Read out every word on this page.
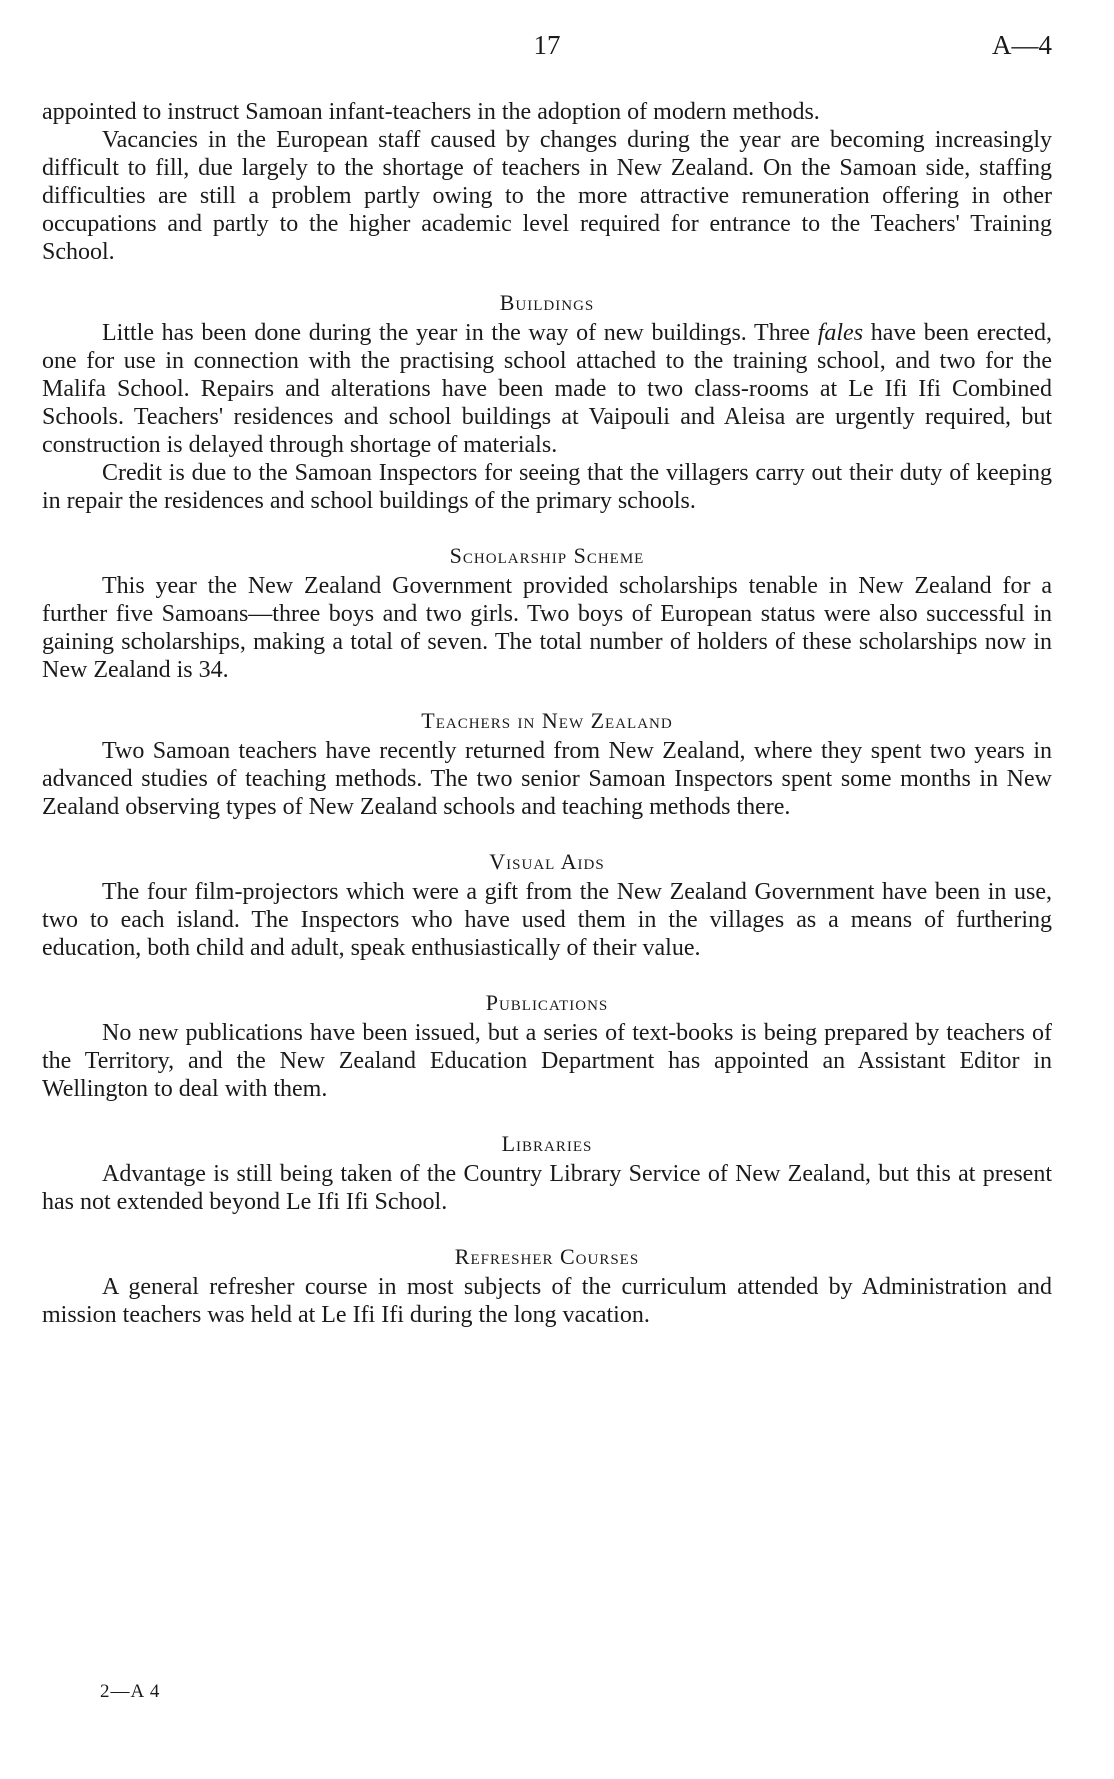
17	A—4

appointed to instruct Samoan infant-teachers in the adoption of modern methods.

Vacancies in the European staff caused by changes during the year are becoming increasingly difficult to fill, due largely to the shortage of teachers in New Zealand. On the Samoan side, staffing difficulties are still a problem partly owing to the more attractive remuneration offering in other occupations and partly to the higher academic level required for entrance to the Teachers' Training School.

Buildings

Little has been done during the year in the way of new buildings. Three fales have been erected, one for use in connection with the practising school attached to the training school, and two for the Malifa School. Repairs and alterations have been made to two class-rooms at Le Ifi Ifi Combined Schools. Teachers' residences and school buildings at Vaipouli and Aleisa are urgently required, but construction is delayed through shortage of materials.

Credit is due to the Samoan Inspectors for seeing that the villagers carry out their duty of keeping in repair the residences and school buildings of the primary schools.

Scholarship Scheme

This year the New Zealand Government provided scholarships tenable in New Zealand for a further five Samoans—three boys and two girls. Two boys of European status were also successful in gaining scholarships, making a total of seven. The total number of holders of these scholarships now in New Zealand is 34.

Teachers in New Zealand

Two Samoan teachers have recently returned from New Zealand, where they spent two years in advanced studies of teaching methods. The two senior Samoan Inspectors spent some months in New Zealand observing types of New Zealand schools and teaching methods there.

Visual Aids

The four film-projectors which were a gift from the New Zealand Government have been in use, two to each island. The Inspectors who have used them in the villages as a means of furthering education, both child and adult, speak enthusiastically of their value.

Publications

No new publications have been issued, but a series of text-books is being prepared by teachers of the Territory, and the New Zealand Education Department has appointed an Assistant Editor in Wellington to deal with them.

Libraries

Advantage is still being taken of the Country Library Service of New Zealand, but this at present has not extended beyond Le Ifi Ifi School.

Refresher Courses

A general refresher course in most subjects of the curriculum attended by Administration and mission teachers was held at Le Ifi Ifi during the long vacation.

2—A 4
